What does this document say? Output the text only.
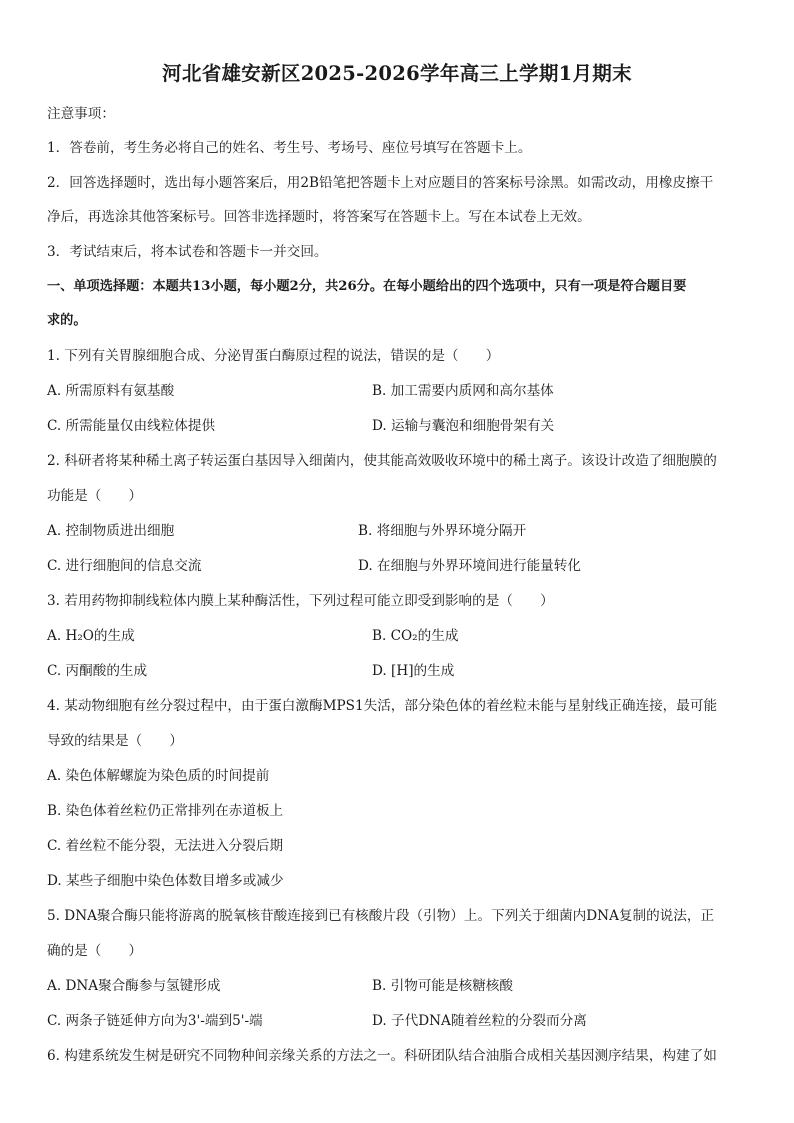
河北省雄安新区2025-2026学年高三上学期1月期末
注意事项：
1．答卷前，考生务必将自己的姓名、考生号、考场号、座位号填写在答题卡上。
2．回答选择题时，选出每小题答案后，用2B铅笔把答题卡上对应题目的答案标号涂黑。如需改动，用橡皮擦干
净后，再选涂其他答案标号。回答非选择题时，将答案写在答题卡上。写在本试卷上无效。
3．考试结束后，将本试卷和答题卡一并交回。
一、单项选择题：本题共13小题，每小题2分，共26分。在每小题给出的四个选项中，只有一项是符合题目要
求的。
1. 下列有关胃腺细胞合成、分泌胃蛋白酶原过程的说法，错误的是（　　）
A. 所需原料有氨基酸	B. 加工需要内质网和高尔基体
C. 所需能量仅由线粒体提供	D. 运输与囊泡和细胞骨架有关
2. 科研者将某种稀土离子转运蛋白基因导入细菌内，使其能高效吸收环境中的稀土离子。该设计改造了细胞膜的
功能是（　　）
A. 控制物质进出细胞	B. 将细胞与外界环境分隔开
C. 进行细胞间的信息交流	D. 在细胞与外界环境间进行能量转化
3. 若用药物抑制线粒体内膜上某种酶活性，下列过程可能立即受到影响的是（　　）
A. H₂O的生成	B. CO₂的生成
C. 丙酮酸的生成	D. [H]的生成
4. 某动物细胞有丝分裂过程中，由于蛋白激酶MPS1失活，部分染色体的着丝粒未能与星射线正确连接，最可能
导致的结果是（　　）
A. 染色体解螺旋为染色质的时间提前
B. 染色体着丝粒仍正常排列在赤道板上
C. 着丝粒不能分裂，无法进入分裂后期
D. 某些子细胞中染色体数目增多或减少
5. DNA聚合酶只能将游离的脱氧核苷酸连接到已有核酸片段（引物）上。下列关于细菌内DNA复制的说法，正
确的是（　　）
A. DNA聚合酶参与氢键形成	B. 引物可能是核糖核酸
C. 两条子链延伸方向为3'-端到5'-端	D. 子代DNA随着丝粒的分裂而分离
6. 构建系统发生树是研究不同物种间亲缘关系的方法之一。科研团队结合油脂合成相关基因测序结果，构建了如
